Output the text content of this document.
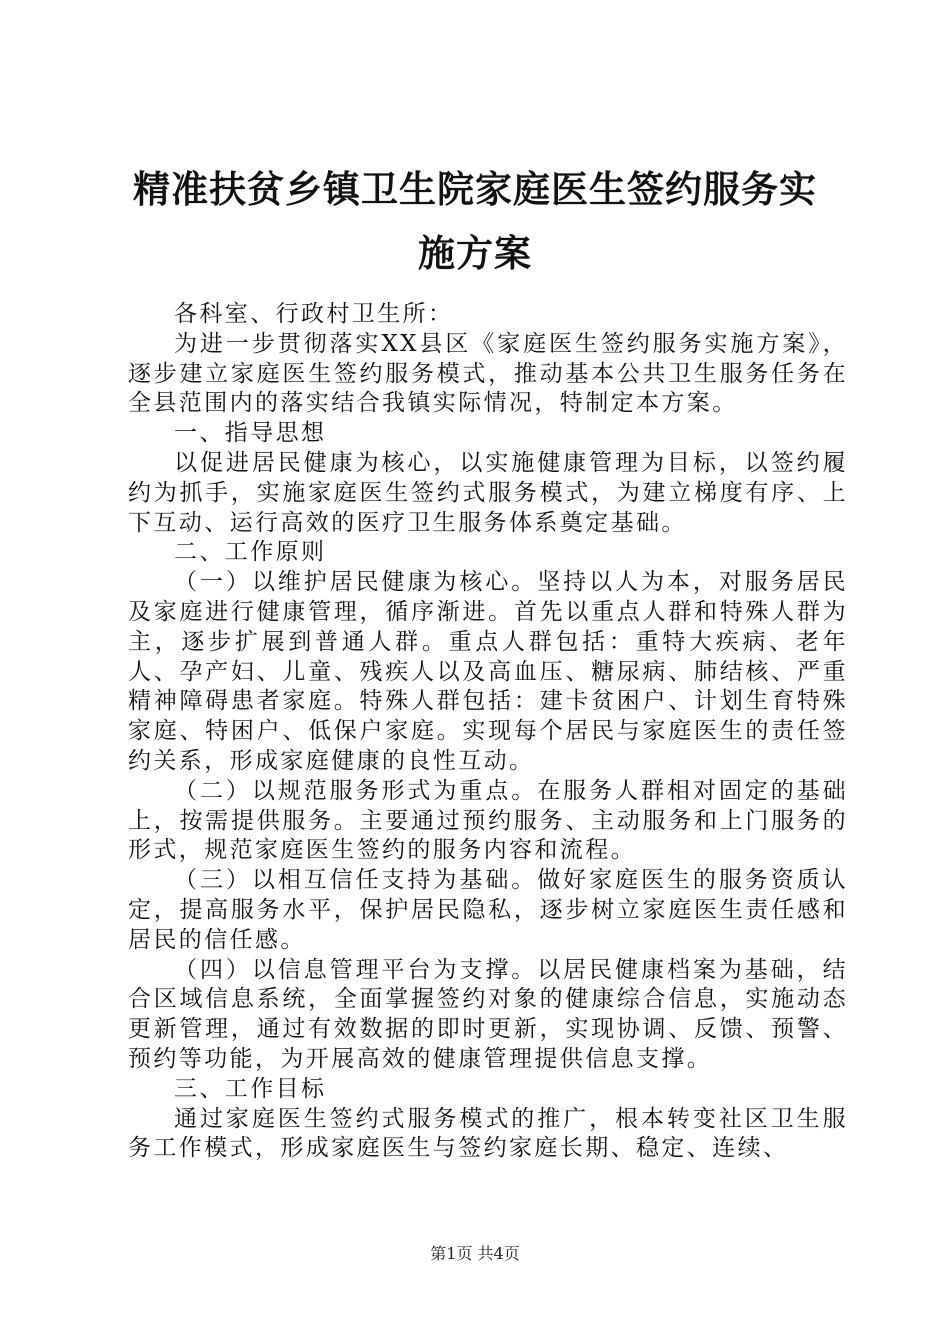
精准扶贫乡镇卫生院家庭医生签约服务实施方案

各科室、行政村卫生所：

为进一步贯彻落实XX县区《家庭医生签约服务实施方案》，逐步建立家庭医生签约服务模式，推动基本公共卫生服务任务在全县范围内的落实结合我镇实际情况，特制定本方案。

一、指导思想

以促进居民健康为核心，以实施健康管理为目标，以签约履约为抓手，实施家庭医生签约式服务模式，为建立梯度有序、上下互动、运行高效的医疗卫生服务体系奠定基础。

二、工作原则

（一）以维护居民健康为核心。坚持以人为本，对服务居民及家庭进行健康管理，循序渐进。首先以重点人群和特殊人群为主，逐步扩展到普通人群。重点人群包括：重特大疾病、老年人、孕产妇、儿童、残疾人以及高血压、糖尿病、肺结核、严重精神障碍患者家庭。特殊人群包括：建卡贫困户、计划生育特殊家庭、特困户、低保户家庭。实现每个居民与家庭医生的责任签约关系，形成家庭健康的良性互动。

（二）以规范服务形式为重点。在服务人群相对固定的基础上，按需提供服务。主要通过预约服务、主动服务和上门服务的形式，规范家庭医生签约的服务内容和流程。

（三）以相互信任支持为基础。做好家庭医生的服务资质认定，提高服务水平，保护居民隐私，逐步树立家庭医生责任感和居民的信任感。

（四）以信息管理平台为支撑。以居民健康档案为基础，结合区域信息系统，全面掌握签约对象的健康综合信息，实施动态更新管理，通过有效数据的即时更新，实现协调、反馈、预警、预约等功能，为开展高效的健康管理提供信息支撑。

三、工作目标

通过家庭医生签约式服务模式的推广，根本转变社区卫生服务工作模式，形成家庭医生与签约家庭长期、稳定、连续、

第1页 共4页
